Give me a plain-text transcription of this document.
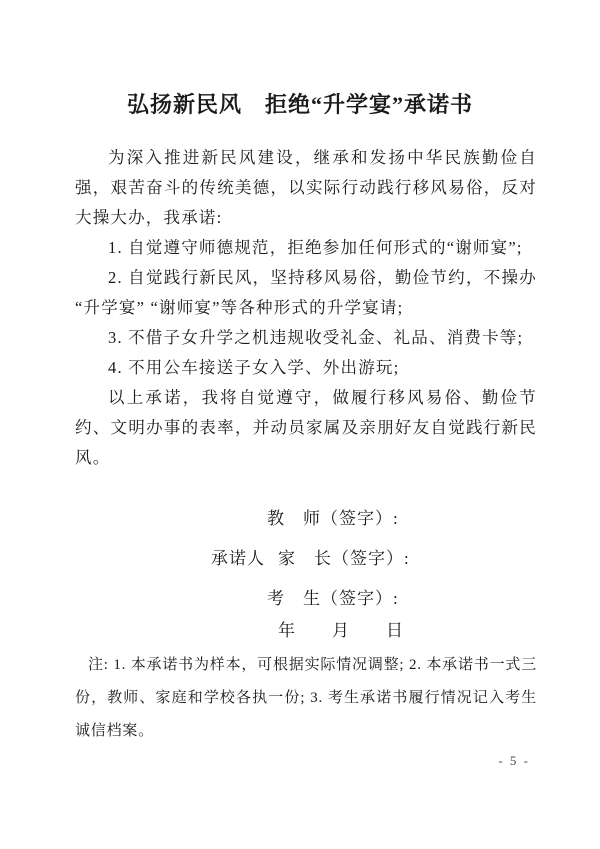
弘扬新民风　拒绝“升学宴”承诺书

为深入推进新民风建设，继承和发扬中华民族勤俭自强，艰苦奋斗的传统美德，以实际行动践行移风易俗，反对大操大办，我承诺:

1. 自觉遵守师德规范，拒绝参加任何形式的“谢师宴”;

2. 自觉践行新民风，坚持移风易俗，勤俭节约，不操办“升学宴” “谢师宴”等各种形式的升学宴请;

3. 不借子女升学之机违规收受礼金、礼品、消费卡等;

4. 不用公车接送子女入学、外出游玩;

以上承诺，我将自觉遵守，做履行移风易俗、勤俭节约、文明办事的表率，并动员家属及亲朋好友自觉践行新民风。

教　师（签字）:
承诺人 家　长（签字）:
考　生（签字）:
年　　月　　日

注: 1. 本承诺书为样本，可根据实际情况调整; 2. 本承诺书一式三份，教师、家庭和学校各执一份; 3. 考生承诺书履行情况记入考生诚信档案。

- 5 -
